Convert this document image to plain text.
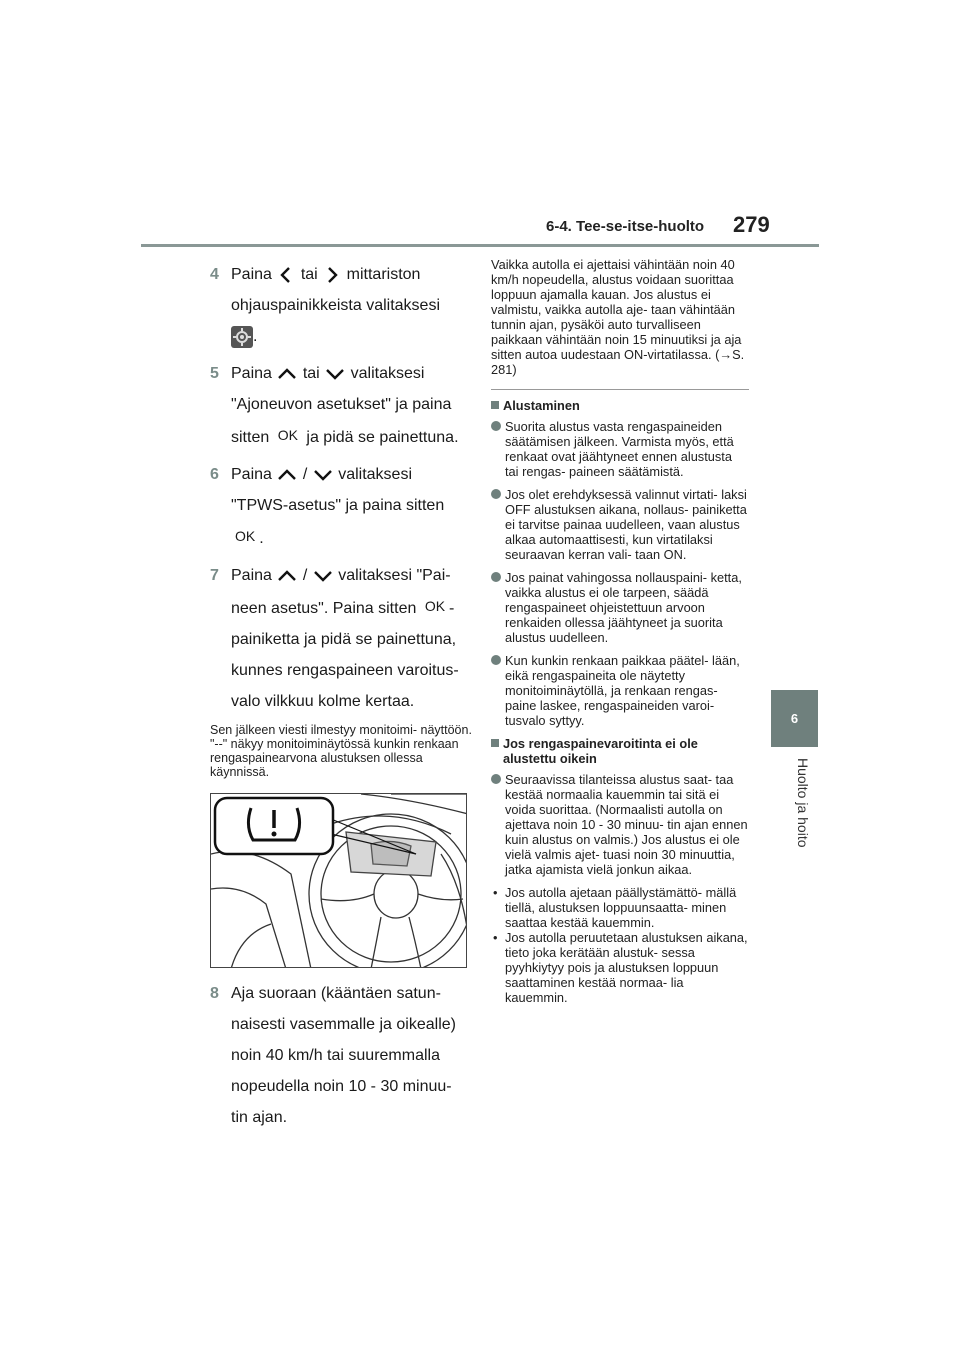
6-4. Tee-se-itse-huolto 279
6
Huolto ja hoito
4 Paina tai mittariston
ohjauspainikkeista valitaksesi
.
5 Paina tai valitaksesi
"Ajoneuvon asetukset" ja paina
sitten OK ja pidä se painettuna.
6 Paina / valitaksesi
"TPWS-asetus" ja paina sitten
OK .
7 Paina / valitaksesi "Pai-
neen asetus". Paina sitten OK -
painiketta ja pidä se painettuna,
kunnes rengaspaineen varoitus-
valo vilkkuu kolme kertaa.

Sen jälkeen viesti ilmestyy monitoimi- näyttöön. "--" näkyy monitoiminäytössä kunkin renkaan rengaspainearvona alustuksen ollessa käynnissä.

8 Aja suoraan (kääntäen satun-
naisesti vasemmalle ja oikealle)
noin 40 km/h tai suuremmalla
nopeudella noin 10 - 30 minuu-
tin ajan.

Vaikka autolla ei ajettaisi vähintään noin 40 km/h nopeudella, alustus voidaan suorittaa loppuun ajamalla kauan. Jos alustus ei valmistu, vaikka autolla aje- taan vähintään tunnin ajan, pysäköi auto turvalliseen paikkaan vähintään noin 15 minuutiksi ja aja sitten autoa uudestaan ON-virtatilassa. (→S. 281)

Alustaminen
Suorita alustus vasta rengaspaineiden säätämisen jälkeen. Varmista myös, että renkaat ovat jäähtyneet ennen alustusta tai rengas- paineen säätämistä.
Jos olet erehdyksessä valinnut virtati- laksi OFF alustuksen aikana, nollaus- painiketta ei tarvitse painaa uudelleen, vaan alustus alkaa automaattisesti, kun virtatilaksi seuraavan kerran vali- taan ON.
Jos painat vahingossa nollauspaini- ketta, vaikka alustus ei ole tarpeen, säädä rengaspaineet ohjeistettuun arvoon renkaiden ollessa jäähtyneet ja suorita alustus uudelleen.
Kun kunkin renkaan paikkaa päätel- lään, eikä rengaspaineita ole näytetty monitoiminäytöllä, ja renkaan rengas- paine laskee, rengaspaineiden varoi- tusvalo syttyy.
Jos rengaspainevaroitinta ei ole alustettu oikein
Seuraavissa tilanteissa alustus saat- taa kestää normaalia kauemmin tai sitä ei voida suorittaa. (Normaalisti autolla on ajettava noin 10 - 30 minuu- tin ajan ennen kuin alustus on valmis.) Jos alustus ei ole vielä valmis ajet- tuasi noin 30 minuuttia, jatka ajamista vielä jonkun aikaa.
• Jos autolla ajetaan päällystämättö- mällä tiellä, alustuksen loppuunsaatta- minen saattaa kestää kauemmin.
• Jos autolla peruutetaan alustuksen aikana, tieto joka kerätään alustuk- sessa pyyhkiytyy pois ja alustuksen loppuun saattaminen kestää normaa- lia kauemmin.
